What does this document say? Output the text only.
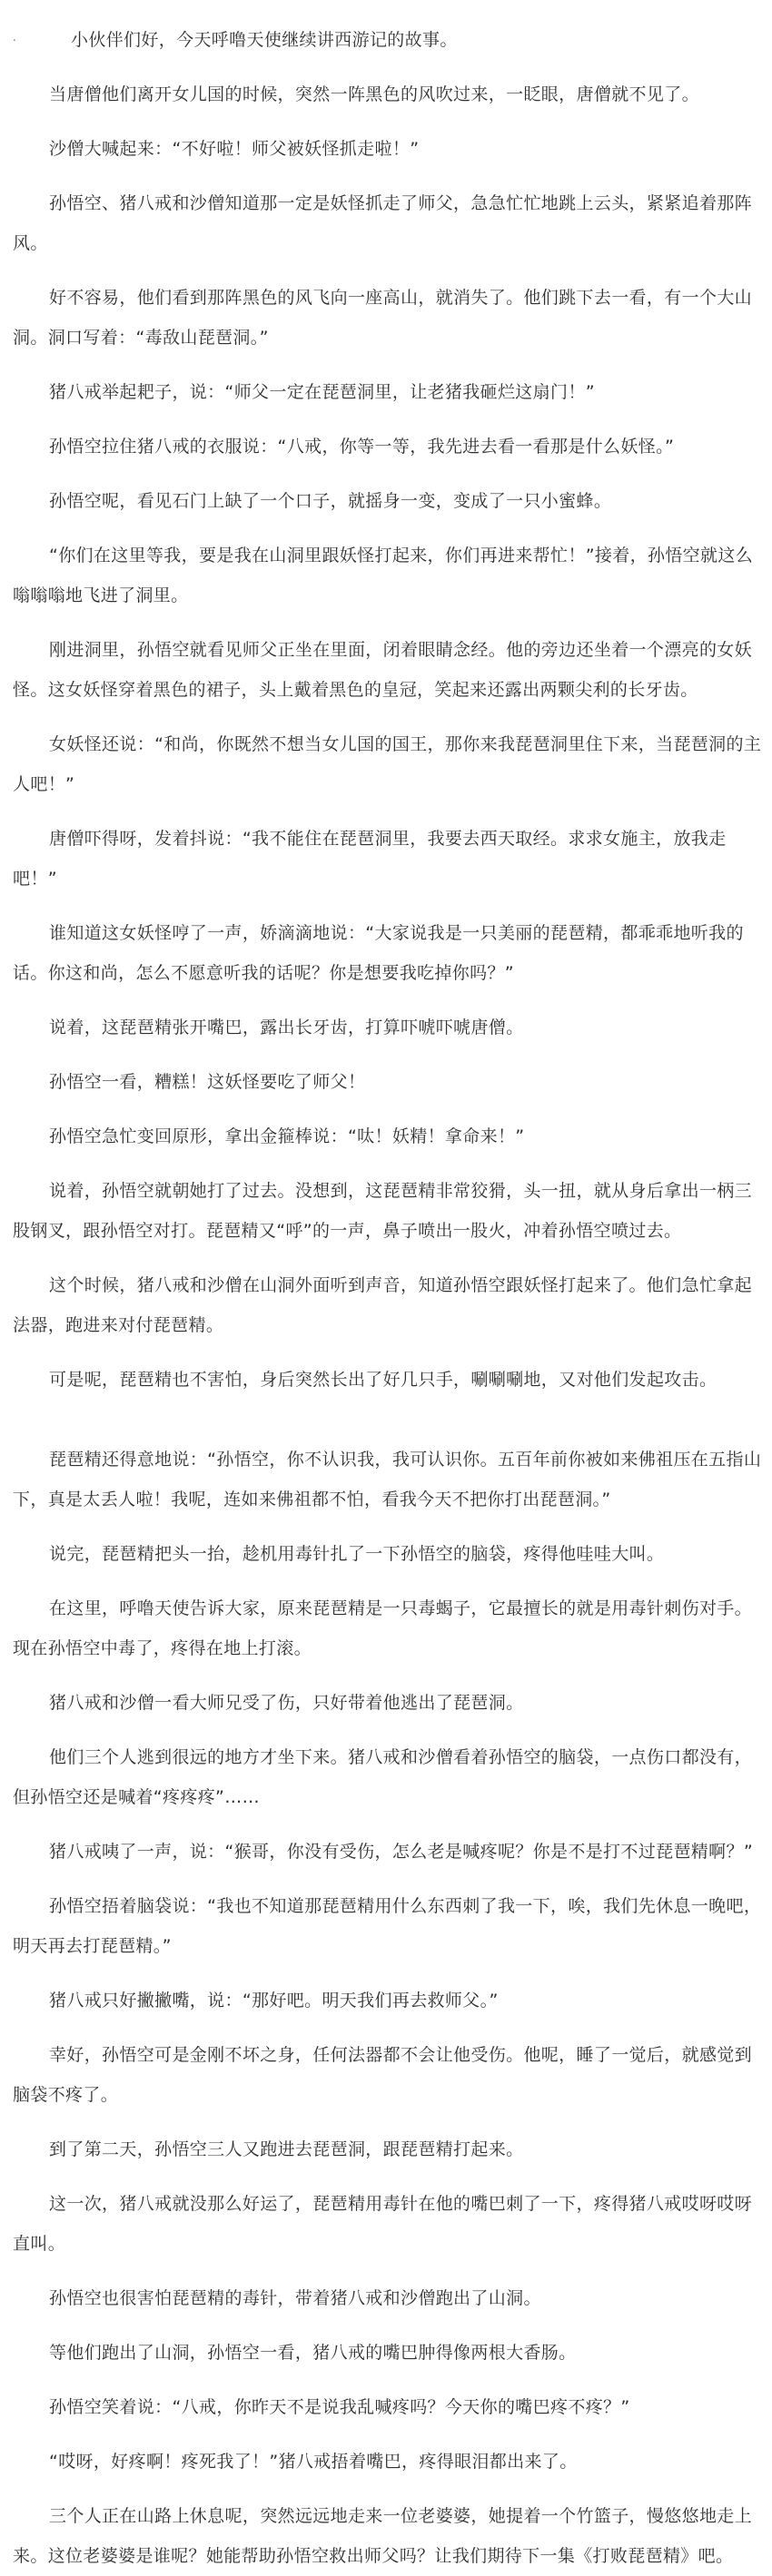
.	小伙伴们好，今天呼噜天使继续讲西游记的故事。

当唐僧他们离开女儿国的时候，突然一阵黑色的风吹过来，一眨眼，唐僧就不见了。

沙僧大喊起来：“不好啦！师父被妖怪抓走啦！”

孙悟空、猪八戒和沙僧知道那一定是妖怪抓走了师父，急急忙忙地跳上云头，紧紧追着那阵风。

好不容易，他们看到那阵黑色的风飞向一座高山，就消失了。他们跳下去一看，有一个大山洞。洞口写着：“毒敌山琵琶洞。”

猪八戒举起耙子，说：“师父一定在琵琶洞里，让老猪我砸烂这扇门！”

孙悟空拉住猪八戒的衣服说：“八戒，你等一等，我先进去看一看那是什么妖怪。”

孙悟空呢，看见石门上缺了一个口子，就摇身一变，变成了一只小蜜蜂。

“你们在这里等我，要是我在山洞里跟妖怪打起来，你们再进来帮忙！”接着，孙悟空就这么嗡嗡嗡地飞进了洞里。

刚进洞里，孙悟空就看见师父正坐在里面，闭着眼睛念经。他的旁边还坐着一个漂亮的女妖怪。这女妖怪穿着黑色的裙子，头上戴着黑色的皇冠，笑起来还露出两颗尖利的长牙齿。

女妖怪还说：“和尚，你既然不想当女儿国的国王，那你来我琵琶洞里住下来，当琵琶洞的主人吧！”

唐僧吓得呀，发着抖说：“我不能住在琵琶洞里，我要去西天取经。求求女施主，放我走吧！”

谁知道这女妖怪哼了一声，娇滴滴地说：“大家说我是一只美丽的琵琶精，都乖乖地听我的话。你这和尚，怎么不愿意听我的话呢？你是想要我吃掉你吗？”

说着，这琵琶精张开嘴巴，露出长牙齿，打算吓唬吓唬唐僧。

孙悟空一看，糟糕！这妖怪要吃了师父！

孙悟空急忙变回原形，拿出金箍棒说：“呔！妖精！拿命来！”

说着，孙悟空就朝她打了过去。没想到，这琵琶精非常狡猾，头一扭，就从身后拿出一柄三股钢叉，跟孙悟空对打。琵琶精又“呼”的一声，鼻子喷出一股火，冲着孙悟空喷过去。

这个时候，猪八戒和沙僧在山洞外面听到声音，知道孙悟空跟妖怪打起来了。他们急忙拿起法器，跑进来对付琵琶精。

可是呢，琵琶精也不害怕，身后突然长出了好几只手，唰唰唰地，又对他们发起攻击。

琵琶精还得意地说：“孙悟空，你不认识我，我可认识你。五百年前你被如来佛祖压在五指山下，真是太丢人啦！我呢，连如来佛祖都不怕，看我今天不把你打出琵琶洞。”

说完，琵琶精把头一抬，趁机用毒针扎了一下孙悟空的脑袋，疼得他哇哇大叫。

在这里，呼噜天使告诉大家，原来琵琶精是一只毒蝎子，它最擅长的就是用毒针刺伤对手。现在孙悟空中毒了，疼得在地上打滚。

猪八戒和沙僧一看大师兄受了伤，只好带着他逃出了琵琶洞。

他们三个人逃到很远的地方才坐下来。猪八戒和沙僧看着孙悟空的脑袋，一点伤口都没有，但孙悟空还是喊着“疼疼疼”……

猪八戒咦了一声，说：“猴哥，你没有受伤，怎么老是喊疼呢？你是不是打不过琵琶精啊？”

孙悟空捂着脑袋说：“我也不知道那琵琶精用什么东西刺了我一下，唉，我们先休息一晚吧，明天再去打琵琶精。”

猪八戒只好撇撇嘴，说：“那好吧。明天我们再去救师父。”

幸好，孙悟空可是金刚不坏之身，任何法器都不会让他受伤。他呢，睡了一觉后，就感觉到脑袋不疼了。

到了第二天，孙悟空三人又跑进去琵琶洞，跟琵琶精打起来。

这一次，猪八戒就没那么好运了，琵琶精用毒针在他的嘴巴刺了一下，疼得猪八戒哎呀哎呀直叫。

孙悟空也很害怕琵琶精的毒针，带着猪八戒和沙僧跑出了山洞。

等他们跑出了山洞，孙悟空一看，猪八戒的嘴巴肿得像两根大香肠。

孙悟空笑着说：“八戒，你昨天不是说我乱喊疼吗？今天你的嘴巴疼不疼？”

“哎呀，好疼啊！疼死我了！”猪八戒捂着嘴巴，疼得眼泪都出来了。

三个人正在山路上休息呢，突然远远地走来一位老婆婆，她提着一个竹篮子，慢悠悠地走上来。这位老婆婆是谁呢？她能帮助孙悟空救出师父吗？让我们期待下一集《打败琵琶精》吧。
